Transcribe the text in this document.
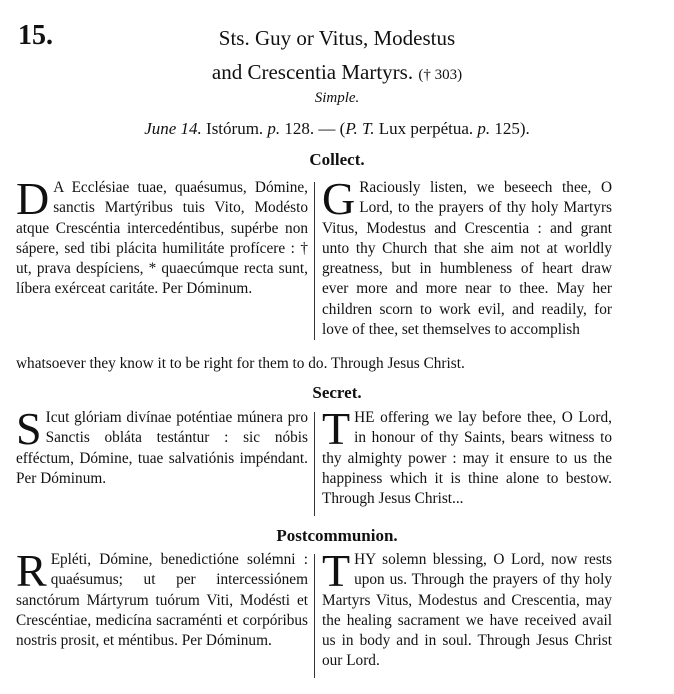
15.	Sts. Guy or Vitus, Modestus
and Crescentia Martyrs. († 303)
Simple.
June 14. Istórum. p. 128. — (P. T. Lux perpétua. p. 125).
Collect.
D A Ecclésiae tuae, quaésumus, Dómine, sanctis Martýribus tuis Vito, Modésto atque Crescéntia intercedéntibus, supérbe non sápere, sed tibi plácita humilitáte profícere : † ut, prava despíciens, * quaecúmque recta sunt, líbera exérceat caritáte. Per Dóminum.
G Raciously listen, we beseech thee, O Lord, to the prayers of thy holy Martyrs Vitus, Modestus and Crescentia : and grant unto thy Church that she aim not at worldly greatness, but in humbleness of heart draw ever more and more near to thee. May her children scorn to work evil, and readily, for love of thee, set themselves to accomplish
whatsoever they know it to be right for them to do. Through Jesus Christ.
Secret.
S Icut glóriam divínae poténtiae múnera pro Sanctis obláta testántur : sic nóbis efféctum, Dómine, tuae salvatiónis impéndant. Per Dóminum.
THE offering we lay before thee, O Lord, in honour of thy Saints, bears witness to thy almighty power : may it ensure to us the happiness which it is thine alone to bestow. Through Jesus Christ...
Postcommunion.
R Epléti, Dómine, benedictióne solémni : quaésumus; ut per intercessiónem sanctórum Mártyrum tuórum Viti, Modésti et Crescéntiae, medicína sacraménti et corpóribus nostris prosit, et méntibus. Per Dóminum.
THY solemn blessing, O Lord, now rests upon us. Through the prayers of thy holy Martyrs Vitus, Modestus and Crescentia, may the healing sacrament we have received avail us in body and in soul. Through Jesus Christ our Lord.
